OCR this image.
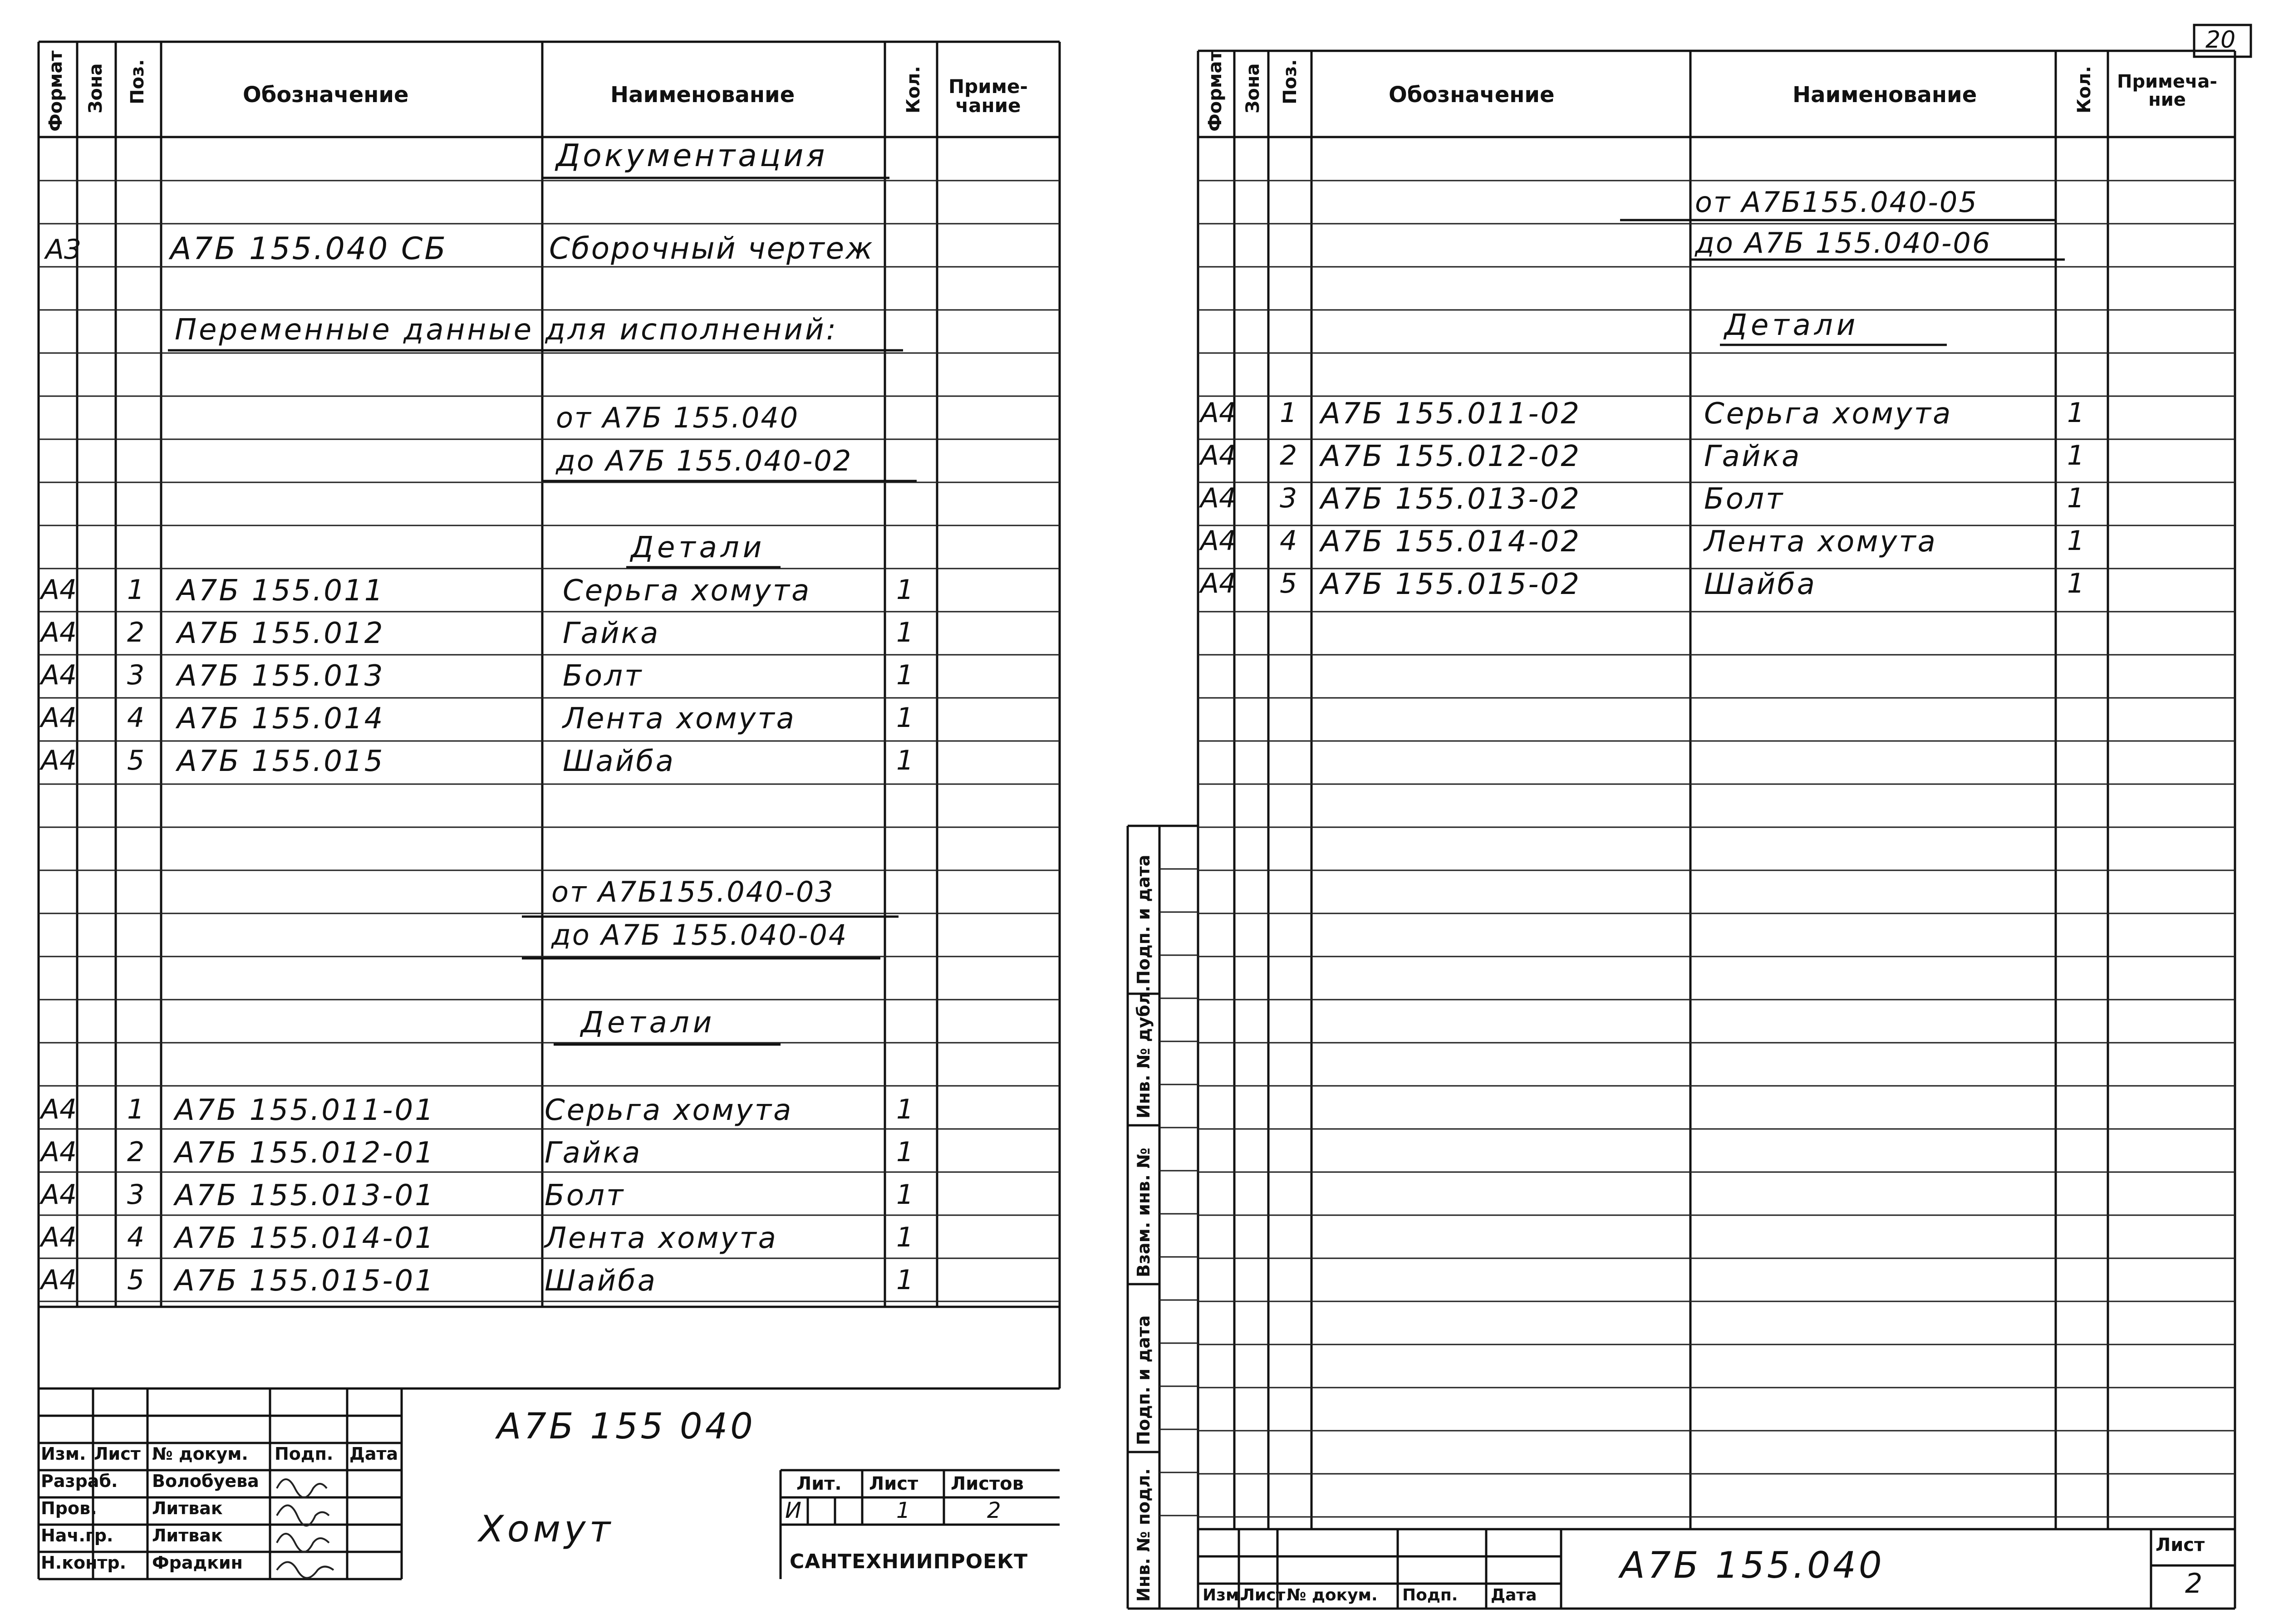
Формат Зона Поз.	Обозначение	Наименование	Кол. Приме-
чание
Документация
А3	А7Б 155.040 СБ	Сборочный чертеж
Переменные данные для исполнений:
от А7Б 155.040
до А7Б 155.040-02
Детали
А4 1 А7Б 155.011	Серьга хомута	1
А4 2 А7Б 155.012	Гайка	1
А4 3 А7Б 155.013	Болт	1
А4 4 А7Б 155.014	Лента хомута	1
А4 5 А7Б 155.015	Шайба	1
от А7Б155.040-03
до А7Б 155.040-04
Детали
А4 1 А7Б 155.011-01	Серьга хомута	1
А4 2 А7Б 155.012-01	Гайка	1
А4 3 А7Б 155.013-01	Болт	1
А4 4 А7Б 155.014-01	Лента хомута	1
А4 5 А7Б 155.015-01	Шайба	1
Изм. Лист № докум. Подп. Дата
Разраб. Волобуева
Пров.	Литвак
Нач.гр. Литвак
Н.контр. Фрадкин
А7Б 155 040
Хомут
Лит. Лист Листов
И	1	2
САНТЕХНИИПРОЕКТ
20
Формат Зона Поз.	Обозначение	Наименование	Кол. Примеча-
ние
от А7Б155.040-05
до А7Б 155.040-06
Детали
А4 1 А7Б 155.011-02	Серьга хомута	1
А4 2 А7Б 155.012-02	Гайка	1
А4 3 А7Б 155.013-02	Болт	1
А4 4 А7Б 155.014-02	Лента хомута	1
А4 5 А7Б 155.015-02	Шайба	1
Подп. и дата
Инв. № дубл.
Взам. инв. №
Подп. и дата
Инв. № подл.	Изм.
Лист № докум. Подп. Дата
А7Б 155.040	Лист
2
